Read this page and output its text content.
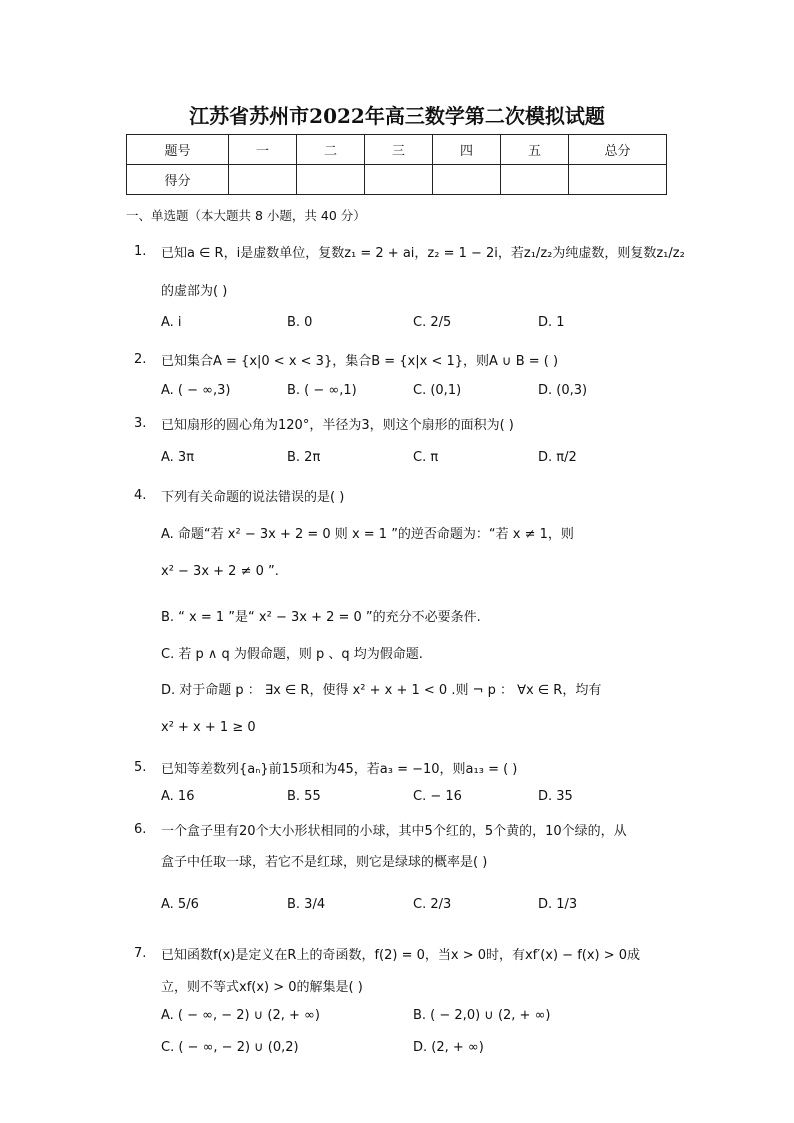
江苏省苏州市2022年高三数学第二次模拟试题
题号	一	二	三	四	五	总分
得分						
一、单选题（本大题共 8 小题，共 40 分）
1. 已知a ∈ R，i是虚数单位，复数z₁ = 2 + ai，z₂ = 1 − 2i，若z₁/z₂为纯虚数，则复数z₁/z₂
的虚部为( )
A. i	B. 0	C. 2/5	D. 1
2. 已知集合A = {x|0 < x < 3}，集合B = {x|x < 1}，则A ∪ B = ( )
A. ( − ∞,3)	B. ( − ∞,1)	C. (0,1)	D. (0,3)
3. 已知扇形的圆心角为120°，半径为3，则这个扇形的面积为( )
A. 3π	B. 2π	C. π	D. π/2
4. 下列有关命题的说法错误的是( )
A. 命题“若 x² − 3x + 2 = 0 则 x = 1 ”的逆否命题为：“若 x ≠ 1，则
x² − 3x + 2 ≠ 0 ”.
B. “ x = 1 ”是“ x² − 3x + 2 = 0 ”的充分不必要条件.
C. 若 p ∧ q 为假命题，则 p 、q 均为假命题.
D. 对于命题 p ： ∃x ∈ R，使得 x² + x + 1 < 0 .则 ¬ p ： ∀x ∈ R，均有
x² + x + 1 ≥ 0
5. 已知等差数列{aₙ}前15项和为45，若a₃ = −10，则a₁₃ = ( )
A. 16	B. 55	C. − 16	D. 35
6. 一个盒子里有20个大小形状相同的小球，其中5个红的，5个黄的，10个绿的，从
盒子中任取一球，若它不是红球，则它是绿球的概率是( )
A. 5/6	B. 3/4	C. 2/3	D. 1/3
7. 已知函数f(x)是定义在R上的奇函数，f(2) = 0，当x > 0时，有xf′(x) − f(x) > 0成
立，则不等式xf(x) > 0的解集是( )
A. ( − ∞, − 2) ∪ (2, + ∞)	B. ( − 2,0) ∪ (2, + ∞)
C. ( − ∞, − 2) ∪ (0,2)	D. (2, + ∞)
